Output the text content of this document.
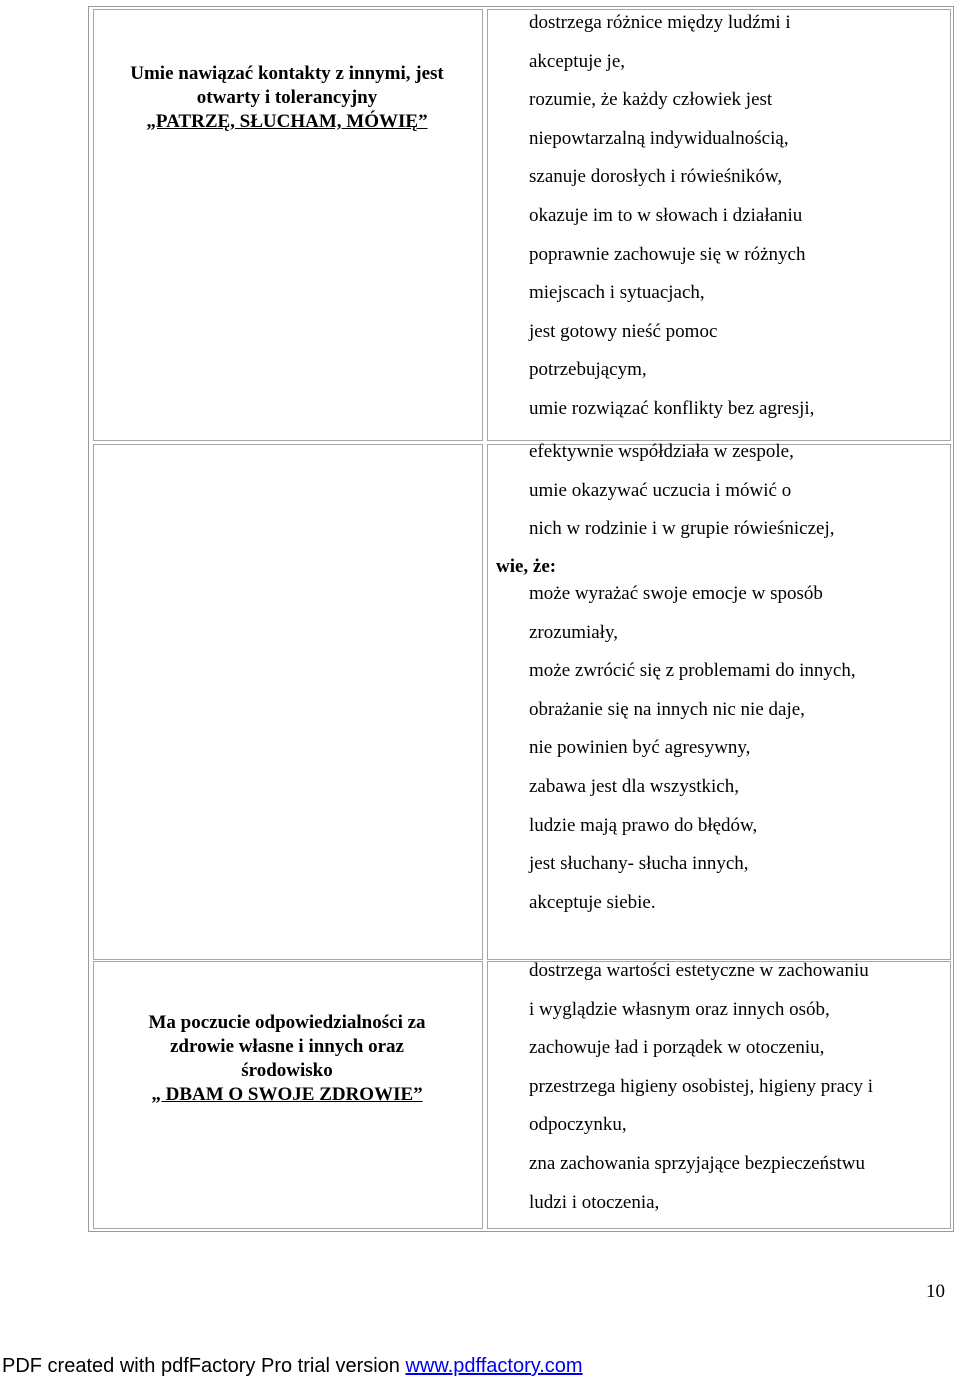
Umie nawiązać kontakty z innymi, jest
otwarty i tolerancyjny
„PATRZĘ, SŁUCHAM, MÓWIĘ”
dostrzega różnice między ludźmi i
akceptuje je,
rozumie, że każdy człowiek jest
niepowtarzalną indywidualnością,
szanuje dorosłych i rówieśników,
okazuje im to w słowach i działaniu
poprawnie zachowuje się w różnych
miejscach i sytuacjach,
jest gotowy nieść pomoc
potrzebującym,
umie rozwiązać konflikty bez agresji,
efektywnie współdziała w zespole,
umie okazywać uczucia i mówić o
nich w rodzinie i w grupie rówieśniczej,
wie, że:
może wyrażać swoje emocje w sposób
zrozumiały,
może zwrócić się z problemami do innych,
obrażanie się na innych nic nie daje,
nie powinien być agresywny,
zabawa jest dla wszystkich,
ludzie mają prawo do błędów,
jest słuchany- słucha innych,
akceptuje siebie.
Ma poczucie odpowiedzialności za
zdrowie własne i innych oraz
środowisko
„ DBAM O SWOJE ZDROWIE”
dostrzega wartości estetyczne w zachowaniu
i wyglądzie własnym oraz innych osób,
zachowuje ład i porządek w otoczeniu,
przestrzega higieny osobistej, higieny pracy i
odpoczynku,
zna zachowania sprzyjające bezpieczeństwu
ludzi i otoczenia,
10
PDF created with pdfFactory Pro trial version www.pdffactory.com
